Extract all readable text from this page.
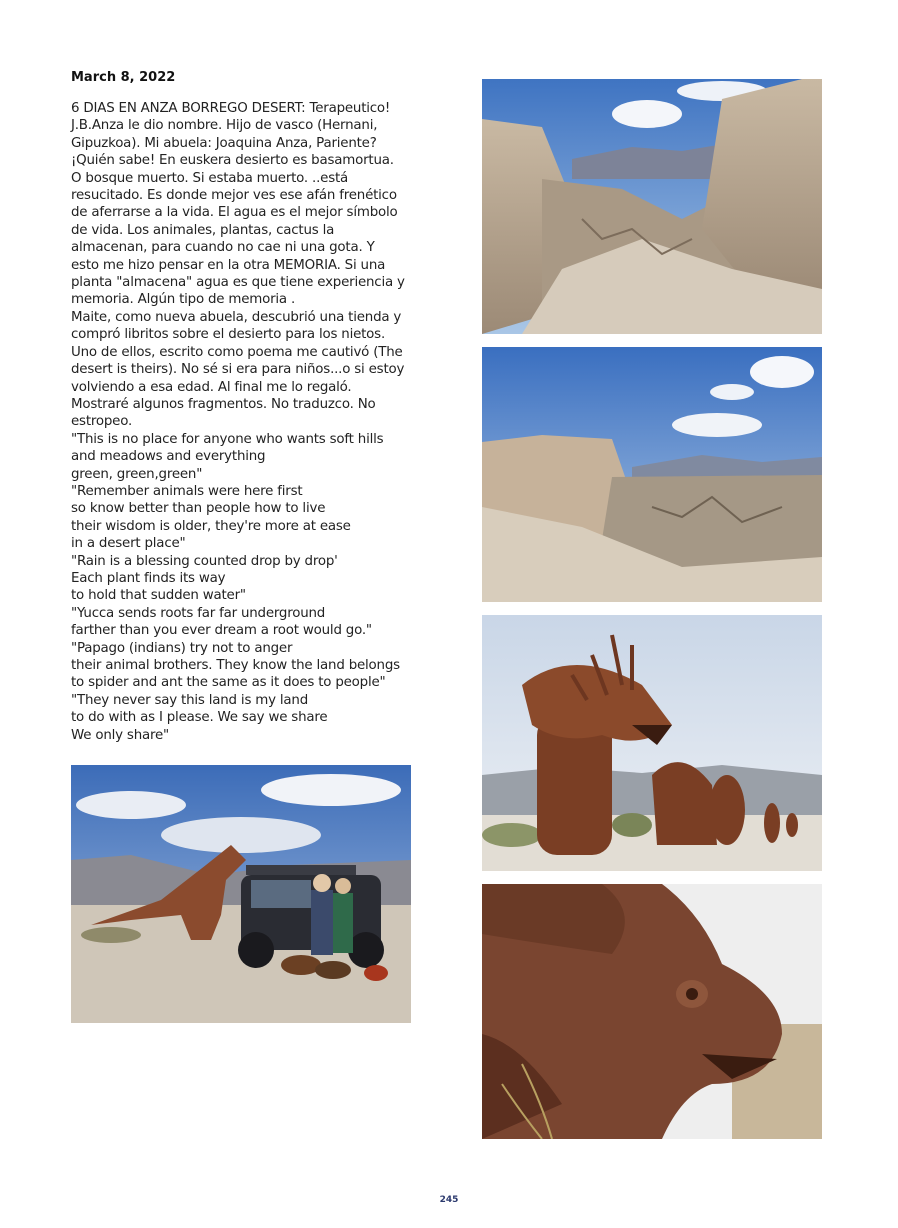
March 8, 2022
6 DIAS EN ANZA BORREGO DESERT: Terapeutico!
J.B.Anza le dio nombre. Hijo de vasco (Hernani,
Gipuzkoa). Mi abuela: Joaquina Anza, Pariente?
¡Quién sabe! En euskera desierto es basamortua.
O bosque muerto. Si estaba muerto. ..está
resucitado. Es donde mejor ves ese afán frenético
de aferrarse a la vida. El agua es el mejor símbolo
de vida. Los animales, plantas, cactus la
almacenan, para cuando no cae ni una gota. Y
esto me hizo pensar en la otra MEMORIA. Si una
planta "almacena" agua es que tiene experiencia y
memoria. Algún tipo de memoria .
Maite, como nueva abuela, descubrió una tienda y
compró libritos sobre el desierto para los nietos.
Uno de ellos, escrito como poema me cautivó (The
desert is theirs). No sé si era para niños...o si estoy
volviendo a esa edad. Al final me lo regaló.
Mostraré algunos fragmentos. No traduzco. No
estropeo.
"This is no place for anyone who wants soft hills
and meadows and everything
green, green,green"
"Remember animals were here first
so know better than people how to live
their wisdom is older, they're more at ease
in a desert place"
"Rain is a blessing counted drop by drop'
Each plant finds its way
to hold that sudden water"
"Yucca sends roots far far underground
farther than you ever dream a root would go."
"Papago (indians) try not to anger
their animal brothers. They know the land belongs
to spider and ant the same as it does to people"
"They never say this land is my land
to do with as I please. We say we share
We only share"
245
